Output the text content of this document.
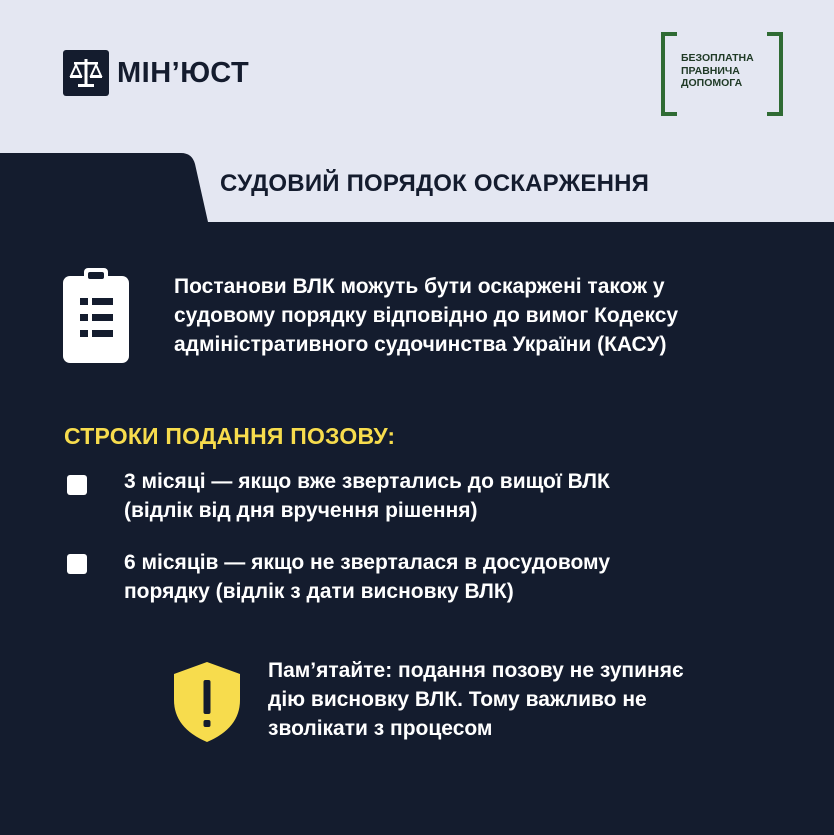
МІН’ЮСТ	БЕЗОПЛАТНА
ПРАВНИЧА
ДОПОМОГА
СУДОВИЙ ПОРЯДОК ОСКАРЖЕННЯ
Постанови ВЛК можуть бути оскаржені також у
судовому порядку відповідно до вимог Кодексу
адміністративного судочинства України (КАСУ)
СТРОКИ ПОДАННЯ ПОЗОВУ:
3 місяці — якщо вже звертались до вищої ВЛК
(відлік від дня вручення рішення)
6 місяців — якщо не зверталася в досудовому
порядку (відлік з дати висновку ВЛК)
Пам’ятайте: подання позову не зупиняє
дію висновку ВЛК. Тому важливо не
зволікати з процесом
